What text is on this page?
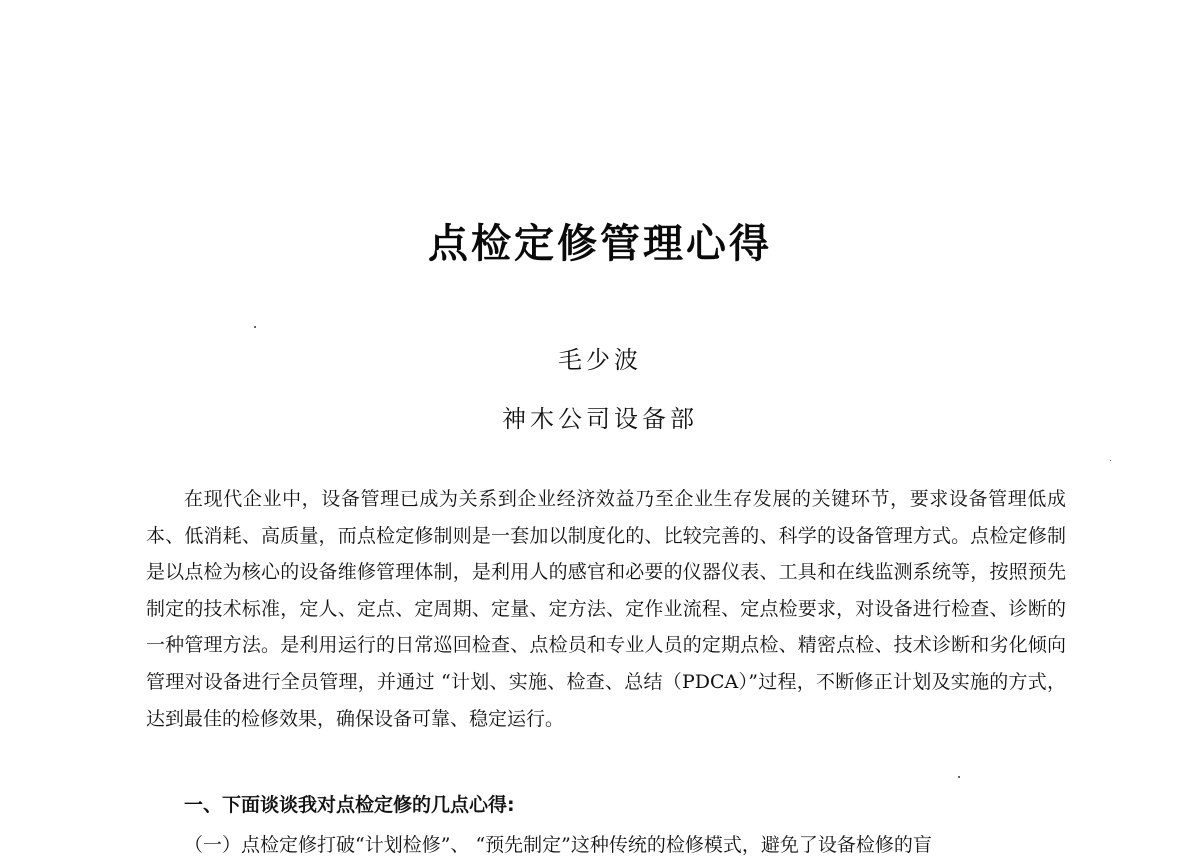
点检定修管理心得
毛少波
神木公司设备部

在现代企业中，设备管理已成为关系到企业经济效益乃至企业生存发展的关键环节，要求设备管理低成本、低消耗、高质量，而点检定修制则是一套加以制度化的、比较完善的、科学的设备管理方式。点检定修制是以点检为核心的设备维修管理体制，是利用人的感官和必要的仪器仪表、工具和在线监测系统等，按照预先制定的技术标准，定人、定点、定周期、定量、定方法、定作业流程、定点检要求，对设备进行检查、诊断的一种管理方法。是利用运行的日常巡回检查、点检员和专业人员的定期点检、精密点检、技术诊断和劣化倾向管理对设备进行全员管理，并通过 “计划、实施、检查、总结（PDCA）”过程，不断修正计划及实施的方式，达到最佳的检修效果，确保设备可靠、稳定运行。

一、下面谈谈我对点检定修的几点心得:
（一）点检定修打破“计划检修”、 “预先制定”这种传统的检修模式，避免了设备检修的盲
